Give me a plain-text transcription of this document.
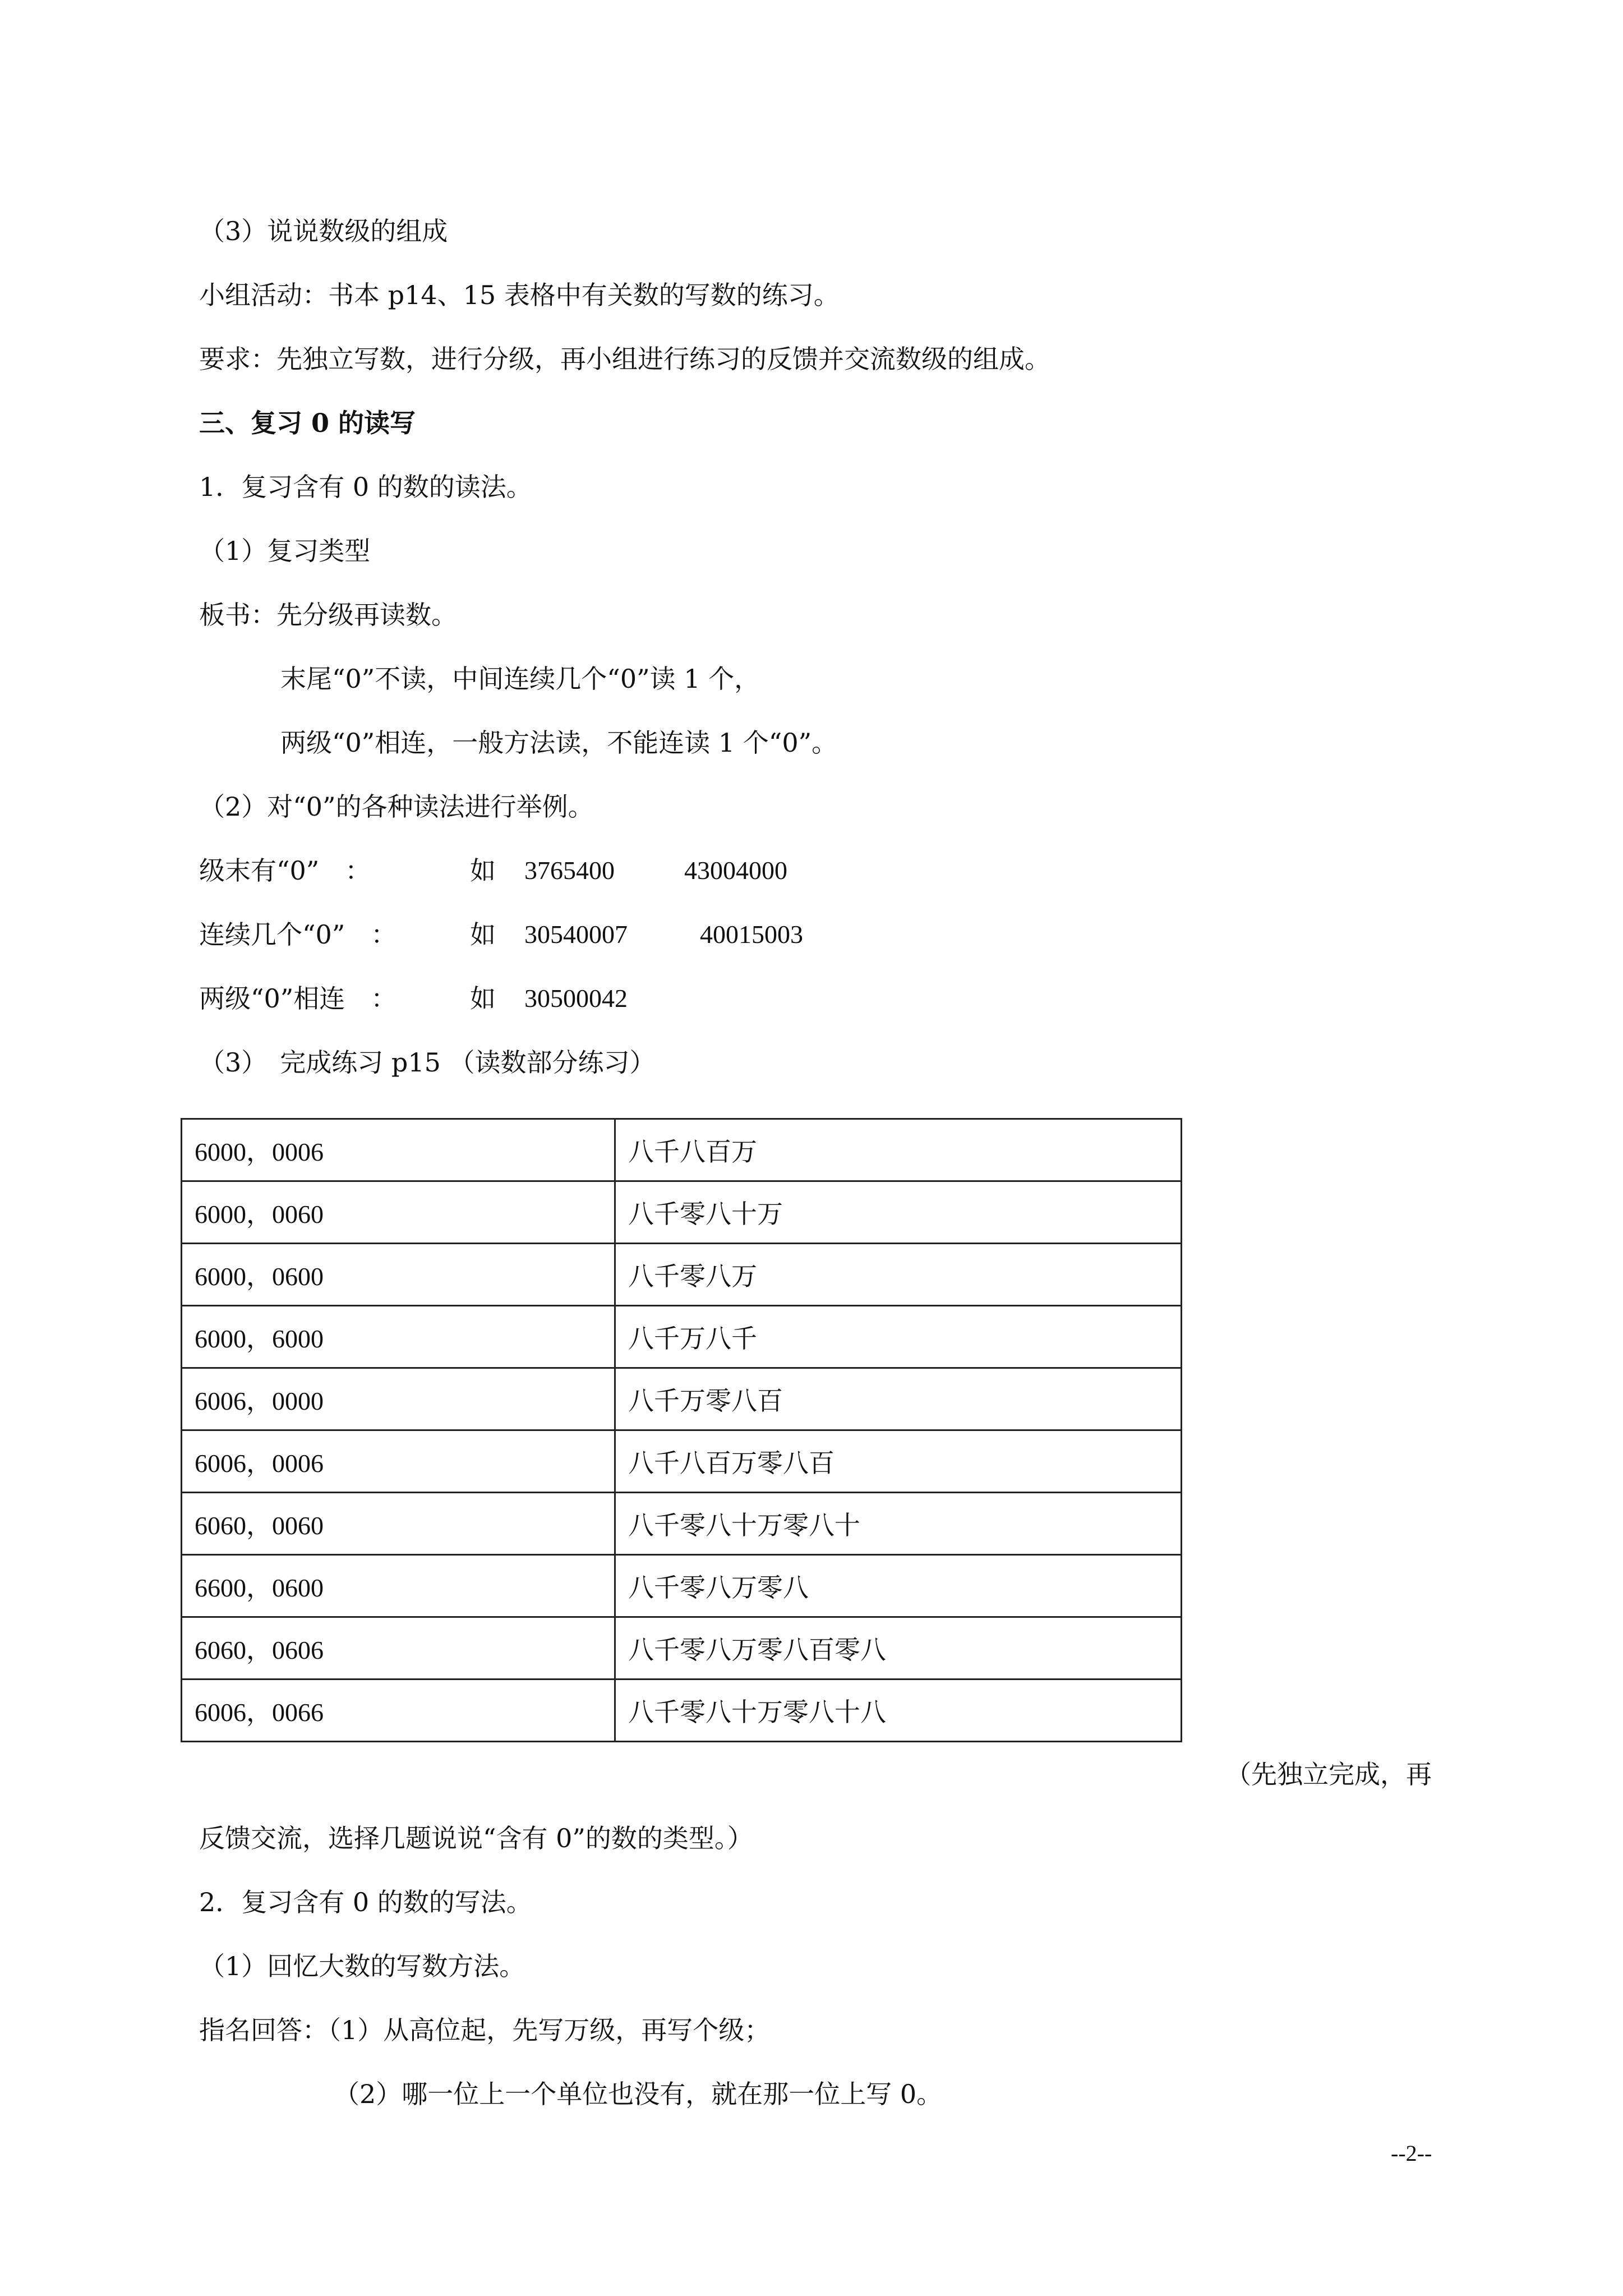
（3）说说数级的组成
小组活动：书本 p14、15 表格中有关数的写数的练习。
要求：先独立写数，进行分级，再小组进行练习的反馈并交流数级的组成。
三、复习 0 的读写
1．复习含有 0 的数的读法。
（1）复习类型
板书：先分级再读数。
末尾“0”不读，中间连续几个“0”读 1 个，
两级“0”相连，一般方法读，不能连读 1 个“0”。
（2）对“0”的各种读法进行举例。
级末有“0”　：	如 3765400	43004000
连续几个“0”　：	如 30540007	40015003
两级“0”相连　：	如 30500042
（3）　完成练习 p15 （读数部分练习）
6000，0006	八千八百万
6000，0060	八千零八十万
6000，0600	八千零八万
6000，6000	八千万八千
6006，0000	八千万零八百
6006，0006	八千八百万零八百
6060，0060	八千零八十万零八十
6600，0600	八千零八万零八
6060，0606	八千零八万零八百零八
6006，0066	八千零八十万零八十八
（先独立完成，再
反馈交流，选择几题说说“含有 0”的数的类型。）
2．复习含有 0 的数的写法。
（1）回忆大数的写数方法。
指名回答：（1）从高位起，先写万级，再写个级；
（2）哪一位上一个单位也没有，就在那一位上写 0。
--2--
